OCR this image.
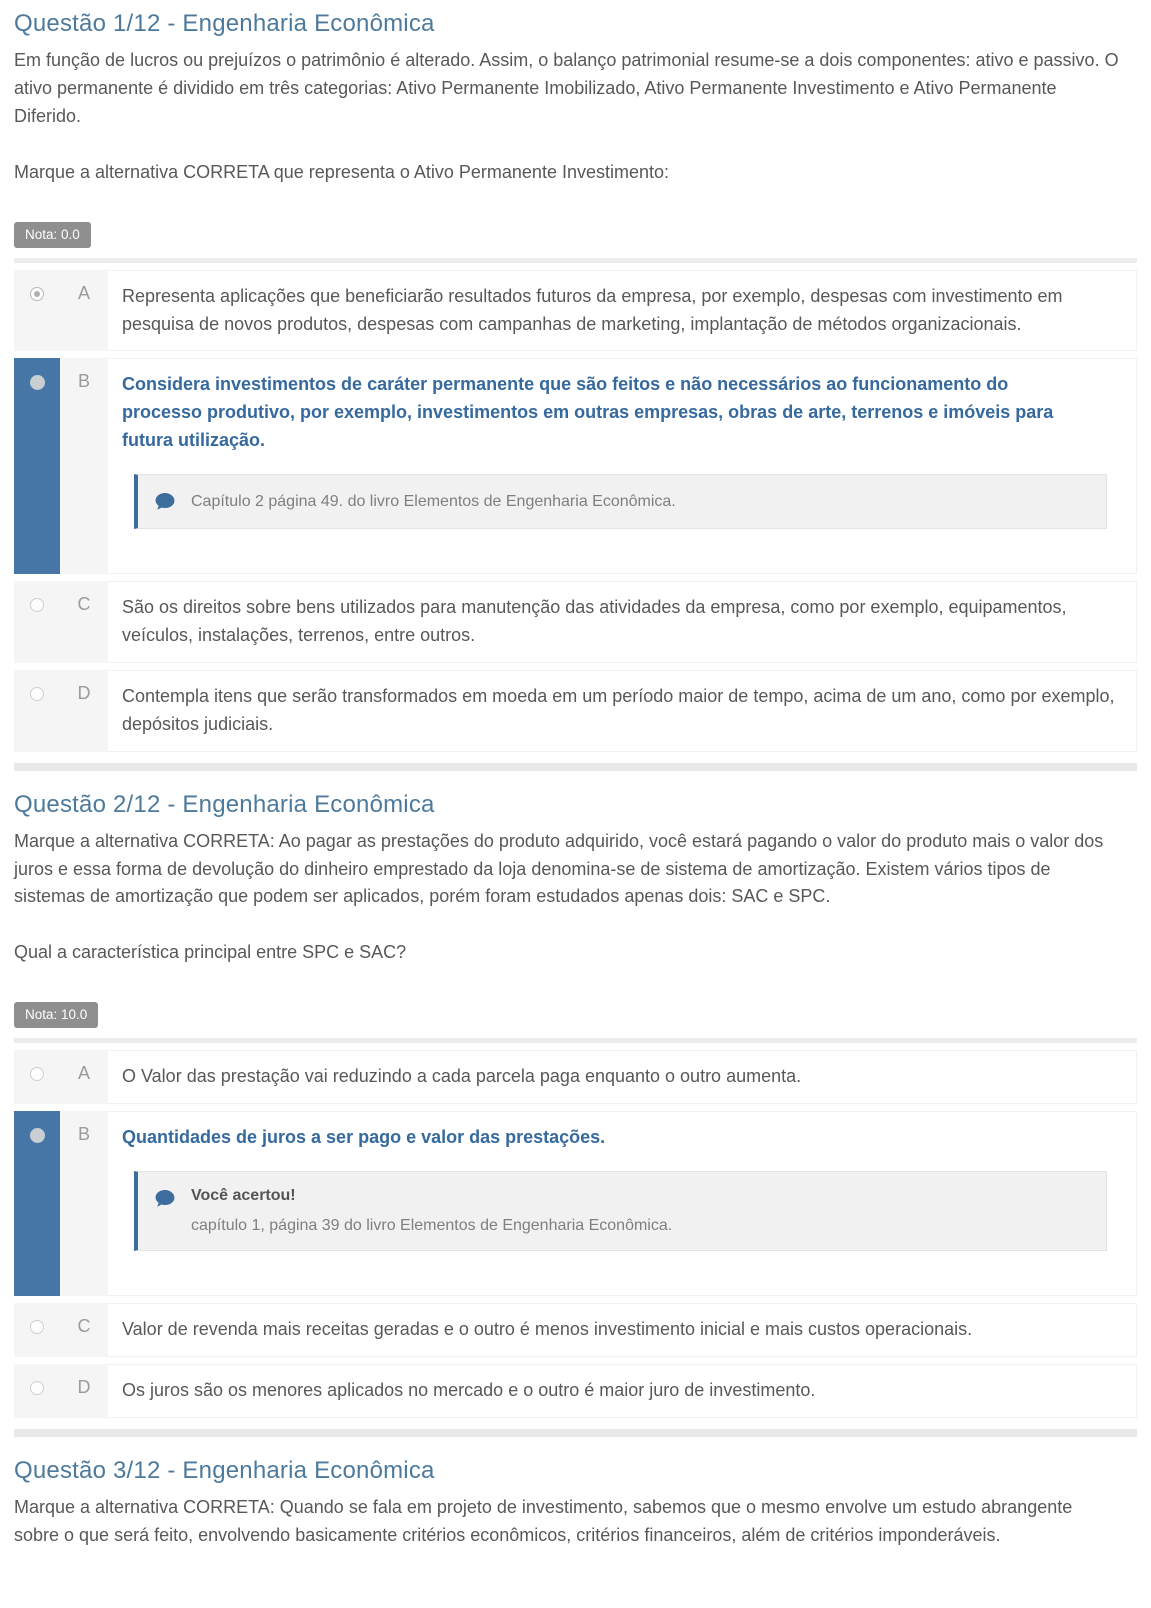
Questão 1/12 - Engenharia Econômica

Em função de lucros ou prejuízos o patrimônio é alterado. Assim, o balanço patrimonial resume-se a dois componentes: ativo e passivo. O ativo permanente é dividido em três categorias: Ativo Permanente Imobilizado, Ativo Permanente Investimento e Ativo Permanente Diferido.

Marque a alternativa CORRETA que representa o Ativo Permanente Investimento:

Nota: 0.0
A	Representa aplicações que beneficiarão resultados futuros da empresa, por exemplo, despesas com investimento em pesquisa de novos produtos, despesas com campanhas de marketing, implantação de métodos organizacionais.

B	Considera investimentos de caráter permanente que são feitos e não necessários ao funcionamento do processo produtivo, por exemplo, investimentos em outras empresas, obras de arte, terrenos e imóveis para futura utilização.

Capítulo 2 página 49. do livro Elementos de Engenharia Econômica.

C	São os direitos sobre bens utilizados para manutenção das atividades da empresa, como por exemplo, equipamentos, veículos, instalações, terrenos, entre outros.

D	Contempla itens que serão transformados em moeda em um período maior de tempo, acima de um ano, como por exemplo, depósitos judiciais.

Questão 2/12 - Engenharia Econômica

Marque a alternativa CORRETA: Ao pagar as prestações do produto adquirido, você estará pagando o valor do produto mais o valor dos juros e essa forma de devolução do dinheiro emprestado da loja denomina-se de sistema de amortização. Existem vários tipos de sistemas de amortização que podem ser aplicados, porém foram estudados apenas dois: SAC e SPC.

Qual a característica principal entre SPC e SAC?

Nota: 10.0
A	O Valor das prestação vai reduzindo a cada parcela paga enquanto o outro aumenta.

B	Quantidades de juros a ser pago e valor das prestações.

Você acertou!

capítulo 1, página 39 do livro Elementos de Engenharia Econômica.

C	Valor de revenda mais receitas geradas e o outro é menos investimento inicial e mais custos operacionais.

D	Os juros são os menores aplicados no mercado e o outro é maior juro de investimento.

Questão 3/12 - Engenharia Econômica

Marque a alternativa CORRETA: Quando se fala em projeto de investimento, sabemos que o mesmo envolve um estudo abrangente sobre o que será feito, envolvendo basicamente critérios econômicos, critérios financeiros, além de critérios imponderáveis.
